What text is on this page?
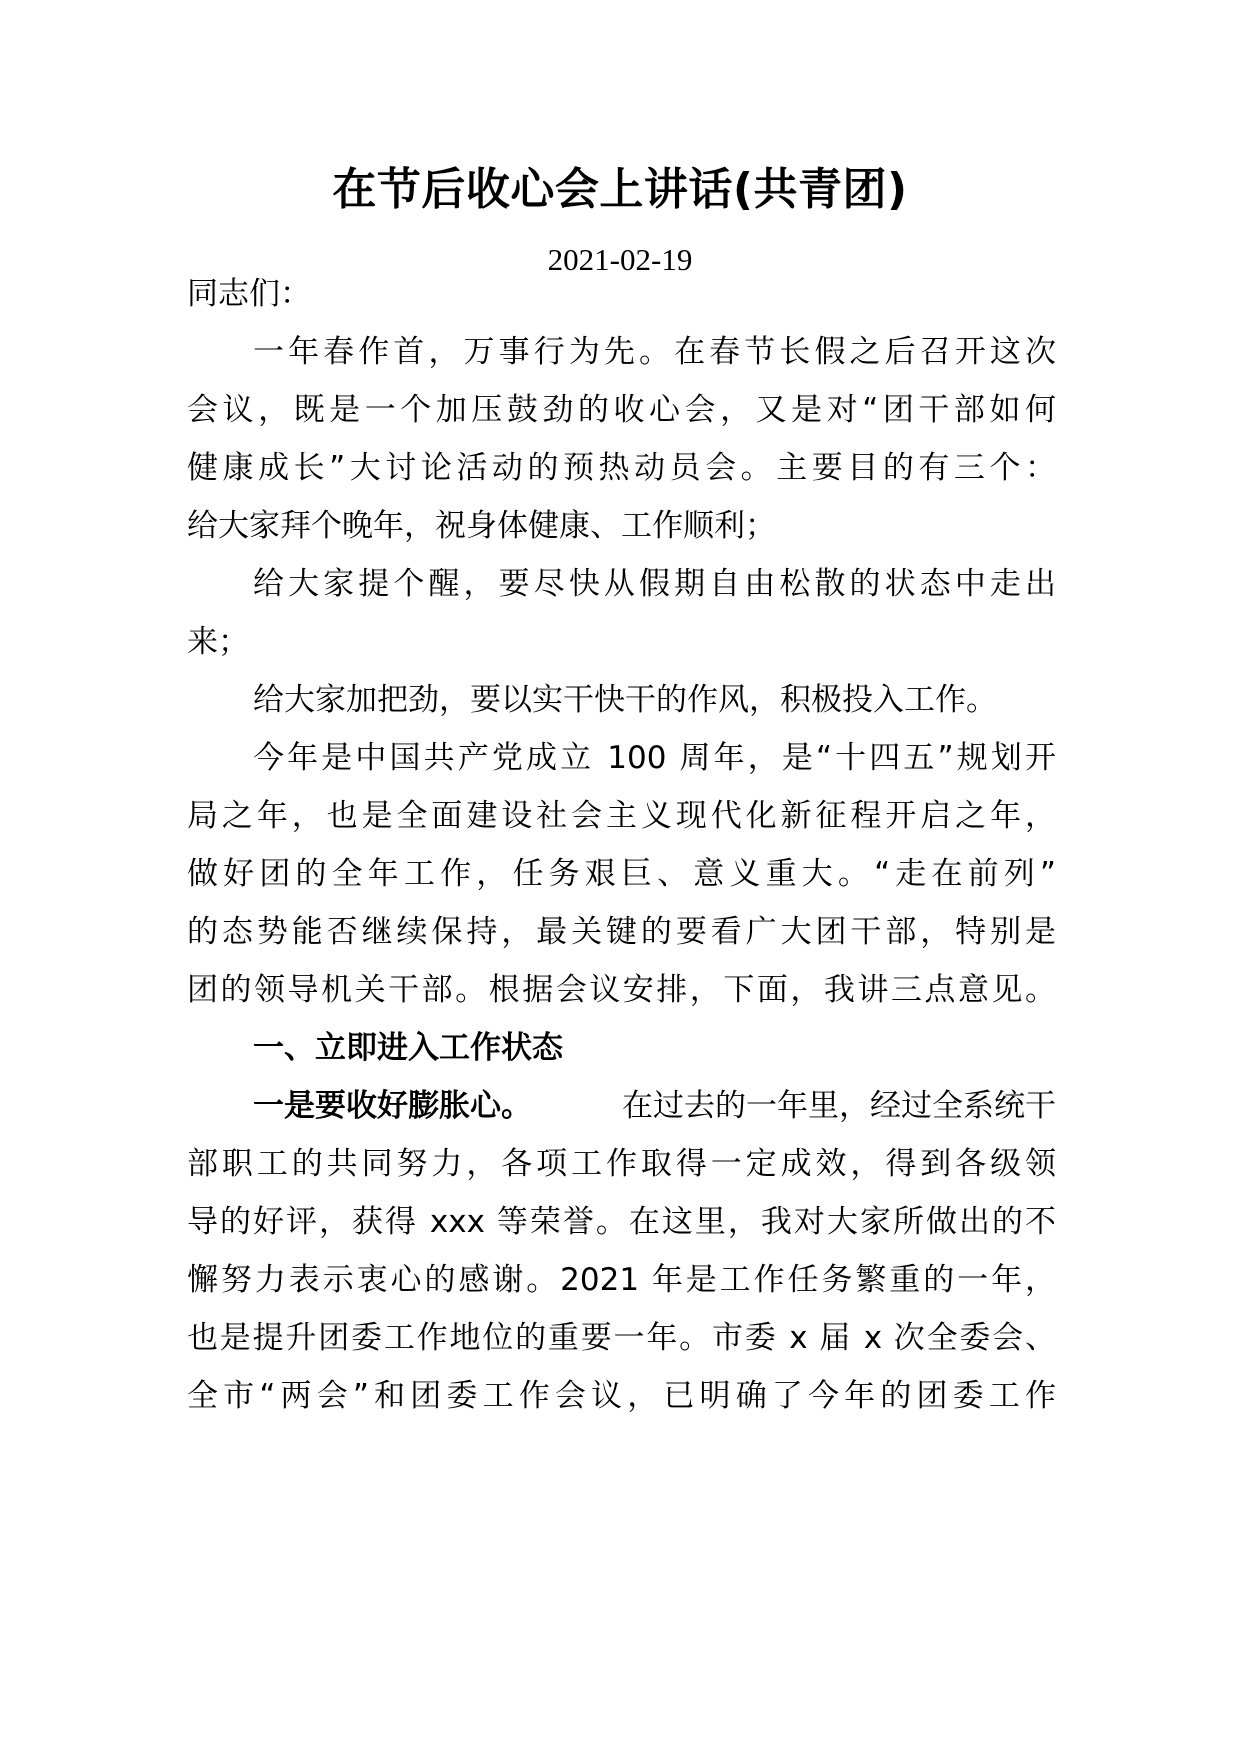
在节后收心会上讲话(共青团)
2021-02-19
同志们：
一年春作首，万事行为先。在春节长假之后召开这次
会议，既是一个加压鼓劲的收心会，又是对“团干部如何
健康成长”大讨论活动的预热动员会。主要目的有三个：
给大家拜个晚年，祝身体健康、工作顺利；
给大家提个醒，要尽快从假期自由松散的状态中走出
来；
给大家加把劲，要以实干快干的作风，积极投入工作。
今年是中国共产党成立 100 周年，是“十四五”规划开
局之年，也是全面建设社会主义现代化新征程开启之年，
做好团的全年工作，任务艰巨、意义重大。“走在前列”
的态势能否继续保持，最关键的要看广大团干部，特别是
团的领导机关干部。根据会议安排，下面，我讲三点意见。
一、立即进入工作状态
一是要收好膨胀心。	在过去的一年里，经过全系统干
部职工的共同努力，各项工作取得一定成效，得到各级领
导的好评，获得 xxx 等荣誉。在这里，我对大家所做出的不
懈努力表示衷心的感谢。2021 年是工作任务繁重的一年，
也是提升团委工作地位的重要一年。市委 x 届 x 次全委会、
全市“两会”和团委工作会议，已明确了今年的团委工作
